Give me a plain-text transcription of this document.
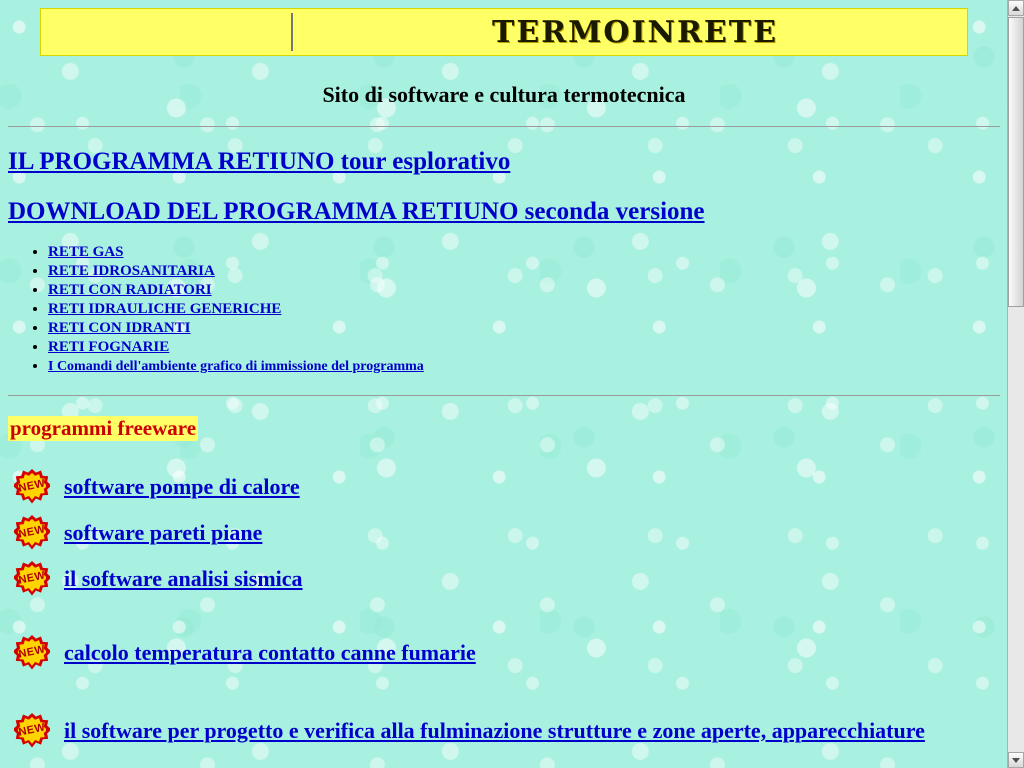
TERMOINRETE
Sito di software e cultura termotecnica
IL PROGRAMMA RETIUNO tour esplorativo
DOWNLOAD DEL PROGRAMMA RETIUNO seconda versione
• RETE GAS
• RETE IDROSANITARIA
• RETI CON RADIATORI
• RETI IDRAULICHE GENERICHE
• RETI CON IDRANTI
• RETI FOGNARIE
• I Comandi dell'ambiente grafico di immissione del programma
programmi freeware
NEW software pompe di calore
NEW software pareti piane
NEW il software analisi sismica
NEW calcolo temperatura contatto canne fumarie
NEW il software per progetto e verifica alla fulminazione strutture e zone aperte, apparecchiature
